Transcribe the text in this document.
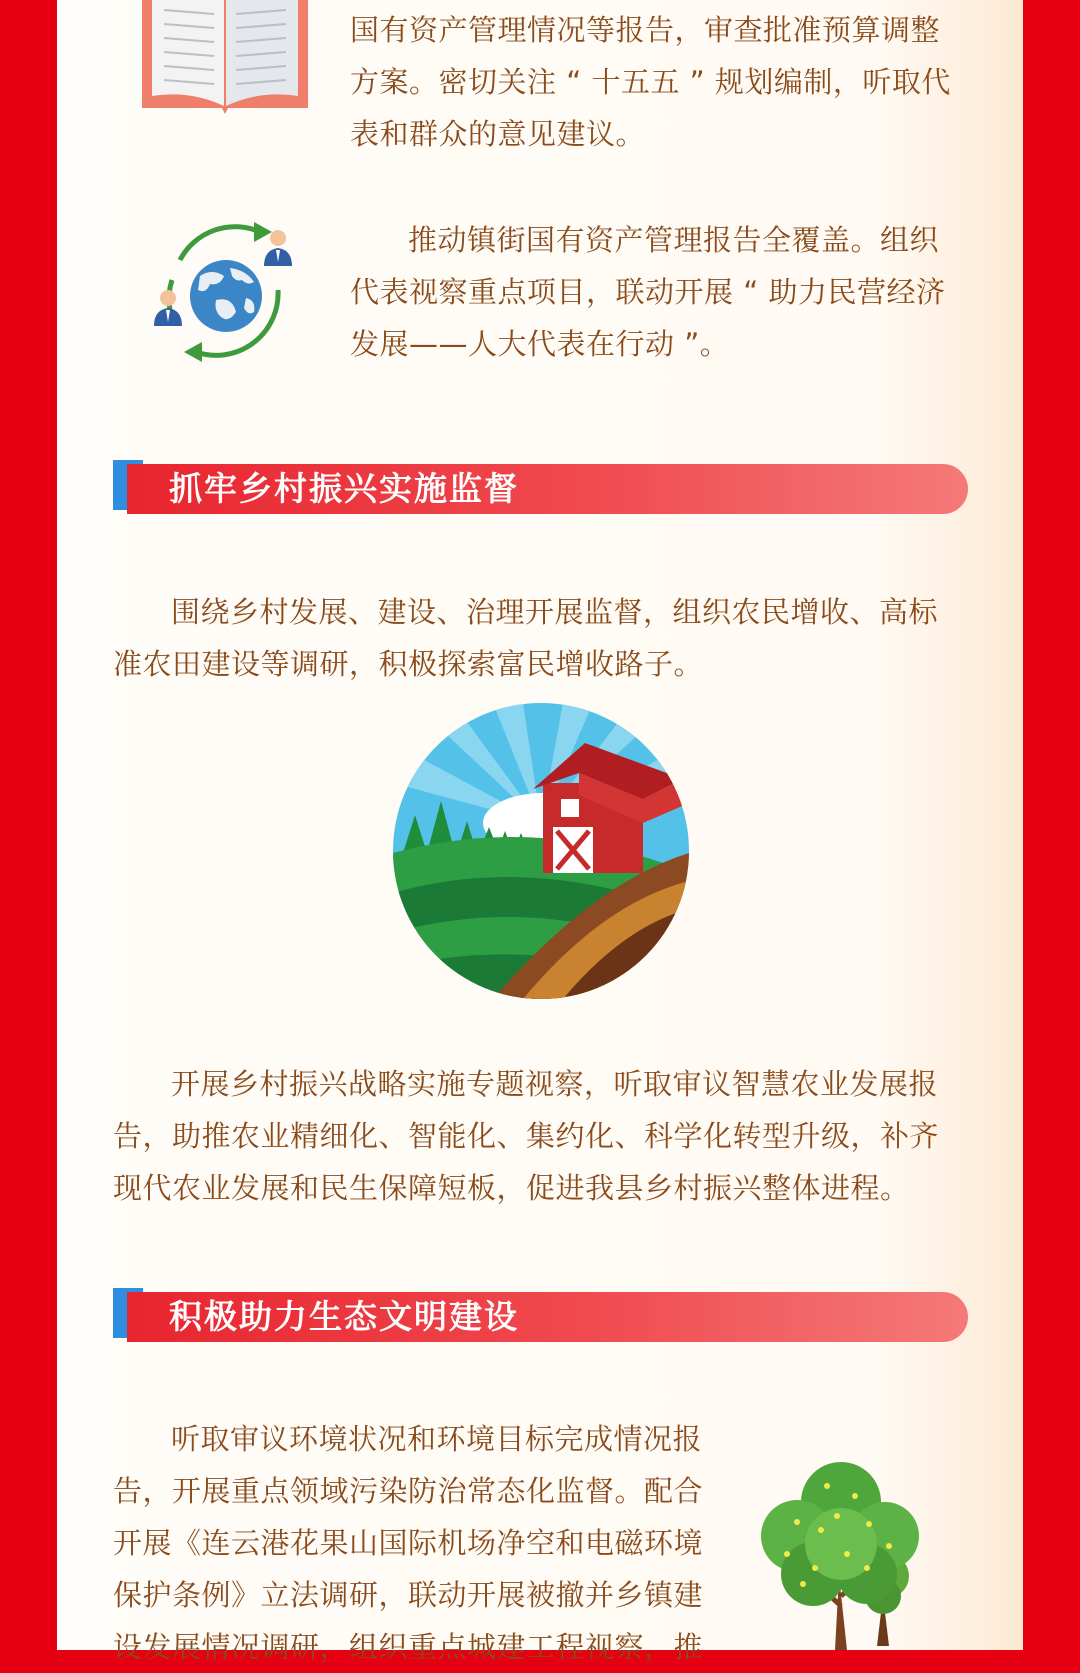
国有资产管理情况等报告，审查批准预算调整
方案。密切关注 “ 十五五 ” 规划编制，听取代
表和群众的意见建议。

推动镇街国有资产管理报告全覆盖。组织
代表视察重点项目，联动开展 “ 助力民营经济
发展——人大代表在行动 ”。

抓牢乡村振兴实施监督

围绕乡村发展、建设、治理开展监督，组织农民增收、高标
准农田建设等调研，积极探索富民增收路子。

开展乡村振兴战略实施专题视察，听取审议智慧农业发展报
告，助推农业精细化、智能化、集约化、科学化转型升级，补齐
现代农业发展和民生保障短板，促进我县乡村振兴整体进程。

积极助力生态文明建设

听取审议环境状况和环境目标完成情况报
告，开展重点领域污染防治常态化监督。配合
开展《连云港花果山国际机场净空和电磁环境
保护条例》立法调研，联动开展被撤并乡镇建
设发展情况调研，组织重点城建工程视察，推
